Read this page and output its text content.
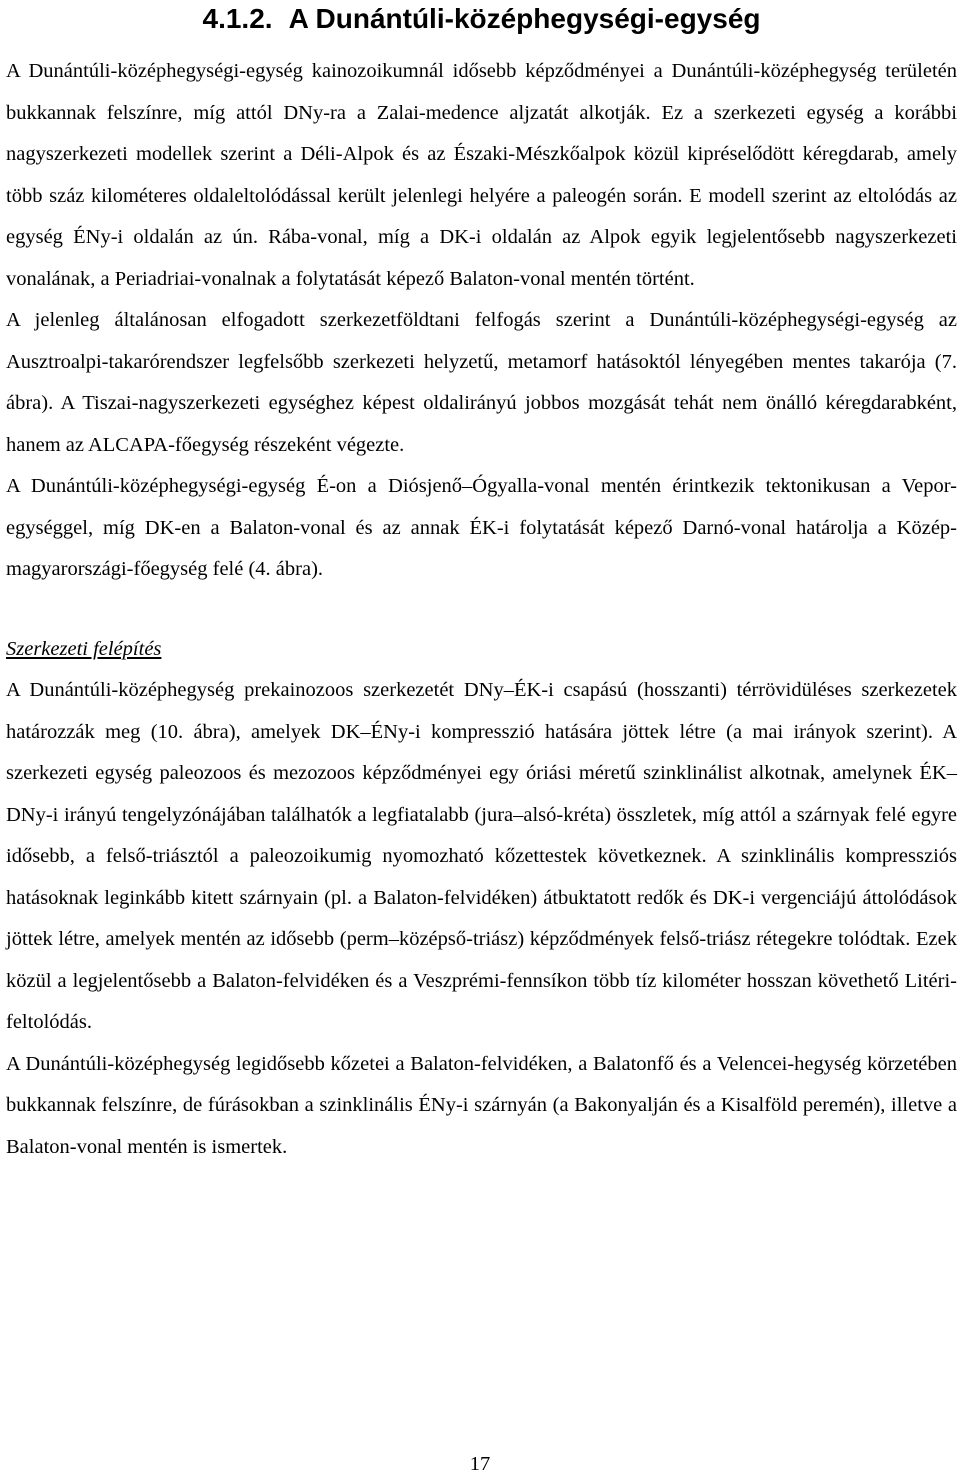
4.1.2. A Dunántúli-középhegységi-egység

A Dunántúli-középhegységi-egység kainozoikumnál idősebb képződményei a Dunántúli-középhegység területén bukkannak felszínre, míg attól DNy-ra a Zalai-medence aljzatát alkotják. Ez a szerkezeti egység a korábbi nagyszerkezeti modellek szerint a Déli-Alpok és az Északi-Mészkőalpok közül kipréselődött kéregdarab, amely több száz kilométeres oldaleltolódással került jelenlegi helyére a paleogén során. E modell szerint az eltolódás az egység ÉNy-i oldalán az ún. Rába-vonal, míg a DK-i oldalán az Alpok egyik legjelentősebb nagyszerkezeti vonalának, a Periadriai-vonalnak a folytatását képező Balaton-vonal mentén történt.

A jelenleg általánosan elfogadott szerkezetföldtani felfogás szerint a Dunántúli-középhegységi-egység az Ausztroalpi-takarórendszer legfelsőbb szerkezeti helyzetű, metamorf hatásoktól lényegében mentes takarója (7. ábra). A Tiszai-nagyszerkezeti egységhez képest oldalirányú jobbos mozgását tehát nem önálló kéregdarabként, hanem az ALCAPA-főegység részeként végezte.

A Dunántúli-középhegységi-egység É-on a Diósjenő–Ógyalla-vonal mentén érintkezik tektonikusan a Vepor-egységgel, míg DK-en a Balaton-vonal és az annak ÉK-i folytatását képező Darnó-vonal határolja a Közép-magyarországi-főegység felé (4. ábra).

Szerkezeti felépítés

A Dunántúli-középhegység prekainozoos szerkezetét DNy–ÉK-i csapású (hosszanti) térrövidüléses szerkezetek határozzák meg (10. ábra), amelyek DK–ÉNy-i kompresszió hatására jöttek létre (a mai irányok szerint). A szerkezeti egység paleozoos és mezozoos képződményei egy óriási méretű szinklinálist alkotnak, amelynek ÉK–DNy-i irányú tengelyzónájában találhatók a legfiatalabb (jura–alsó-kréta) összletek, míg attól a szárnyak felé egyre idősebb, a felső-triásztól a paleozoikumig nyomozható kőzettestek következnek. A szinklinális kompressziós hatásoknak leginkább kitett szárnyain (pl. a Balaton-felvidéken) átbuktatott redők és DK-i vergenciájú áttolódások jöttek létre, amelyek mentén az idősebb (perm–középső-triász) képződmények felső-triász rétegekre tolódtak. Ezek közül a legjelentősebb a Balaton-felvidéken és a Veszprémi-fennsíkon több tíz kilométer hosszan követhető Litéri-feltolódás.

A Dunántúli-középhegység legidősebb kőzetei a Balaton-felvidéken, a Balatonfő és a Velencei-hegység körzetében bukkannak felszínre, de fúrásokban a szinklinális ÉNy-i szárnyán (a Bakonyalján és a Kisalföld peremén), illetve a Balaton-vonal mentén is ismertek.

17
